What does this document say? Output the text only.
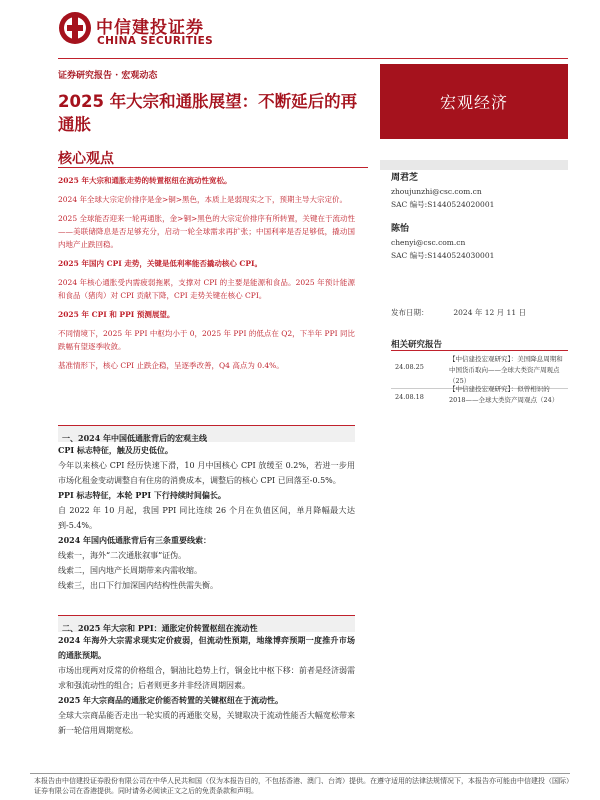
中信建投证券
CHINA SECURITIES
证券研究报告 · 宏观动态
2025 年大宗和通胀展望：不断延后的再通胀
宏观经济
核心观点

2025 年大宗和通胀走势的转置枢纽在流动性宽松。

2024 年全球大宗定价排序是金>铜>黑色，本质上是弱现实之下，预期主导大宗定价。

2025 全球能否迎来一轮再通胀，金>铜>黑色的大宗定价排序有所转置，关键在于流动性——美联储降息是否足够充分，启动一轮全球需求再扩张；中国利率是否足够低，撬动国内地产止跌回稳。

2025 年国内 CPI 走势，关键是低利率能否撬动核心 CPI。

2024 年核心通胀受内需疲弱拖累，支撑对 CPI 的主要是能源和食品。2025 年预计能源和食品（猪肉）对 CPI 贡献下降，CPI 走势关键在核心 CPI。

2025 年 CPI 和 PPI 预测展望。

不同情境下，2025 年 PPI 中枢均小于 0，2025 年 PPI 的低点在 Q2，下半年 PPI 同比跌幅有望逐季收敛。

基准情形下，核心 CPI 止跌企稳，呈逐季改善，Q4 高点为 0.4%。

一、2024 年中国低通胀背后的宏观主线

CPI 标志特征，触及历史低位。

今年以来核心 CPI 经历快速下滑，10 月中国核心 CPI 放缓至 0.2%，若进一步用市场化租金变动调整自有住房的消费成本，调整后的核心 CPI 已回落至-0.5%。

PPI 标志特征，本轮 PPI 下行持续时间偏长。

自 2022 年 10 月起，我国 PPI 同比连续 26 个月在负值区间，单月降幅最大达到-5.4%。

2024 年国内低通胀背后有三条重要线索：

线索一，海外“二次通胀叙事”证伪。

线索二，国内地产长周期带来内需收缩。

线索三，出口下行加深国内结构性供需失衡。

二、2025 年大宗和 PPI：通胀定价转置枢纽在流动性

2024 年海外大宗需求现实定价疲弱，但流动性预期，地缘博弈预期一度推升市场的通胀预期。

市场出现两对反常的价格组合，铜油比趋势上行，铜金比中枢下移：前者是经济弱需求和强流动性的组合；后者则更多并非经济周期因素。

2025 年大宗商品的通胀定价能否转置的关键枢纽在于流动性。

全球大宗商品能否走出一轮实质的再通胀交易，关键取决于流动性能否大幅宽松带来新一轮信用周期宽松。

周君芝
zhoujunzhi@csc.com.cn
SAC 编号:S1440524020001
陈怡
chenyi@csc.com.cn
SAC 编号:S1440524030001
发布日期：	2024 年 12 月 11 日
相关研究报告
24.08.25
【中信建投宏观研究】：美国降息周期和中国货币取向——全球大类资产周观点（25）
24.08.18
【中信建投宏观研究】：似曾相识的 2018——全球大类资产周观点（24）
本报告由中信建投证券股份有限公司在中华人民共和国（仅为本报告目的，不包括香港、澳门、台湾）提供。在遵守适用的法律法规情况下，本报告亦可能由中信建投（国际）证券有限公司在香港提供。同时请务必阅读正文之后的免责条款和声明。
